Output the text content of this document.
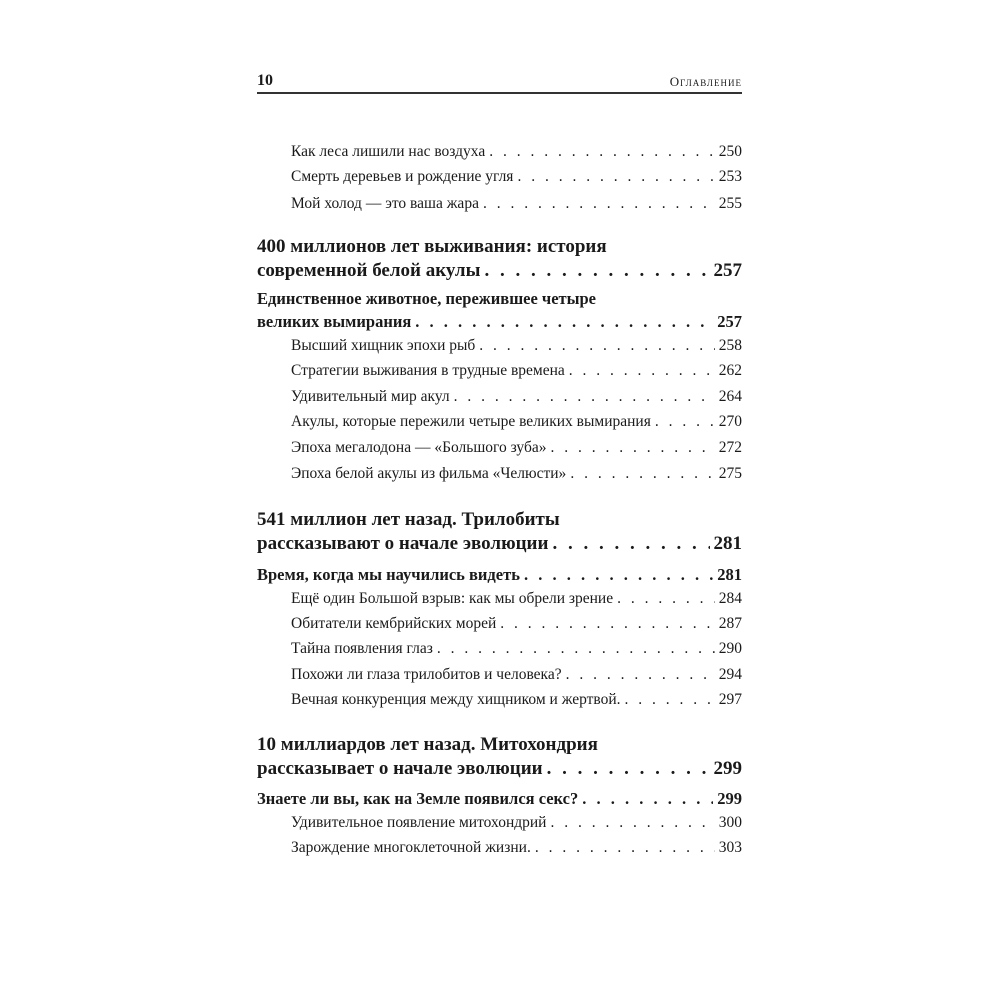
10	Оглавление
Как леса лишили нас воздуха . . .	250
Смерть деревьев и рождение угля . . .	253
Мой холод — это ваша жара . . .	255
400 миллионов лет выживания: история
современной белой акулы . . .	257
Единственное животное, пережившее четыре
великих вымирания . . .	257
Высший хищник эпохи рыб . . .	258
Стратегии выживания в трудные времена . . .	262
Удивительный мир акул . . .	264
Акулы, которые пережили четыре великих вымирания . . .	270
Эпоха мегалодона — «Большого зуба» . . .	272
Эпоха белой акулы из фильма «Челюсти» . . .	275
541 миллион лет назад. Трилобиты
рассказывают о начале эволюции . . .	281
Время, когда мы научились видеть . . .	281
Ещё один Большой взрыв: как мы обрели зрение . . .	284
Обитатели кембрийских морей . . .	287
Тайна появления глаз . . .	290
Похожи ли глаза трилобитов и человека? . . .	294
Вечная конкуренция между хищником и жертвой. . . .	297
10 миллиардов лет назад. Митохондрия
рассказывает о начале эволюции . . .	299
Знаете ли вы, как на Земле появился секс? . . .	299
Удивительное появление митохондрий . . .	300
Зарождение многоклеточной жизни. . . .	303
